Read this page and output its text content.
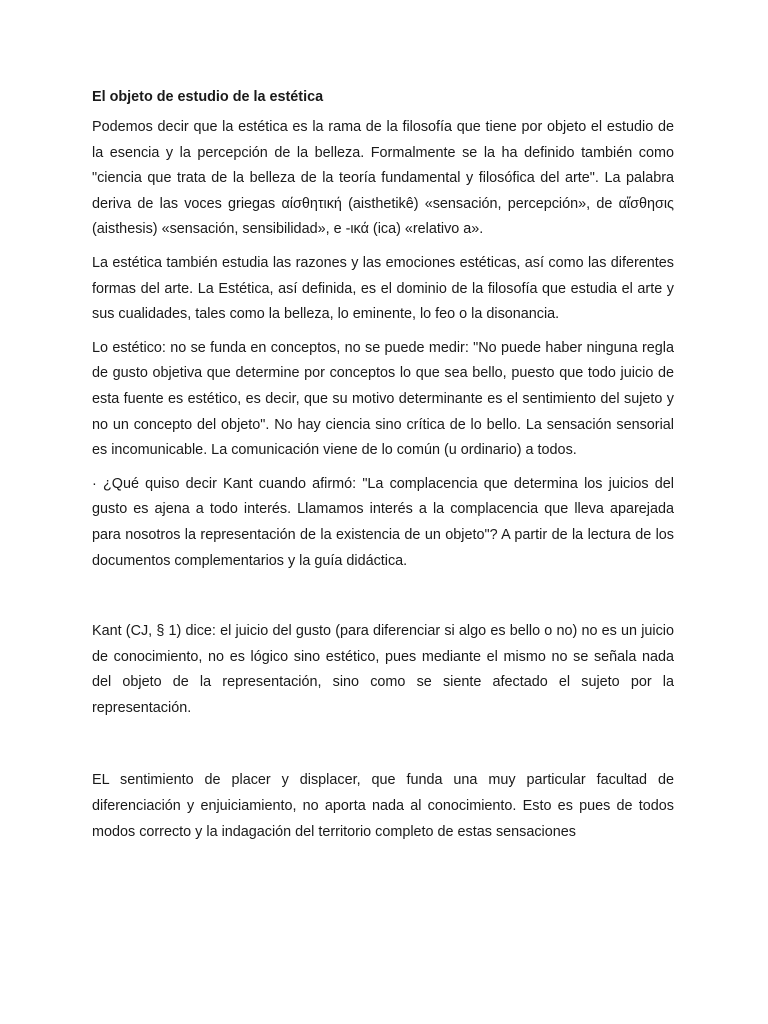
El objeto de estudio de la estética
Podemos decir que la estética es la rama de la filosofía que tiene por objeto el estudio de la esencia y la percepción de la belleza. Formalmente se la ha definido también como "ciencia que trata de la belleza de la teoría fundamental y filosófica del arte". La palabra deriva de las voces griegas αίσθητική (aisthetikê) «sensación, percepción», de αἴσθησις (aisthesis) «sensación, sensibilidad», e -ικά (ica) «relativo a».
La estética también estudia las razones y las emociones estéticas, así como las diferentes formas del arte. La Estética, así definida, es el dominio de la filosofía que estudia el arte y sus cualidades, tales como la belleza, lo eminente, lo feo o la disonancia.
Lo estético: no se funda en conceptos, no se puede medir: "No puede haber ninguna regla de gusto objetiva que determine por conceptos lo que sea bello, puesto que todo juicio de esta fuente es estético, es decir, que su motivo determinante es el sentimiento del sujeto y no un concepto del objeto". No hay ciencia sino crítica de lo bello. La sensación sensorial es incomunicable. La comunicación viene de lo común (u ordinario) a todos.
· ¿Qué quiso decir Kant cuando afirmó: "La complacencia que determina los juicios del gusto es ajena a todo interés. Llamamos interés a la complacencia que lleva aparejada para nosotros la representación de la existencia de un objeto"? A partir de la lectura de los documentos complementarios y la guía didáctica.
Kant (CJ, § 1) dice: el juicio del gusto (para diferenciar si algo es bello o no) no es un juicio de conocimiento, no es lógico sino estético, pues mediante el mismo no se señala nada del objeto de la representación, sino como se siente afectado el sujeto por la representación.
EL sentimiento de placer y displacer, que funda una muy particular facultad de diferenciación y enjuiciamiento, no aporta nada al conocimiento. Esto es pues de todos modos correcto y la indagación del territorio completo de estas sensaciones
